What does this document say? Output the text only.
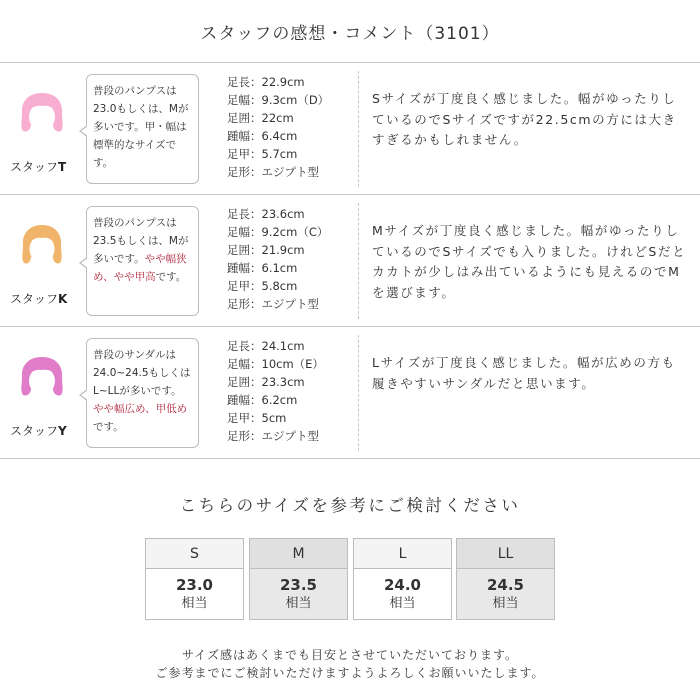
スタッフの感想・コメント（3101）
スタッフT
普段のパンプスは
23.0もしくは、Mが
多いです。甲・幅は
標準的なサイズです。
足長：22.9cm
足幅：9.3cm（D）
足囲：22cm
踵幅：6.4cm
足甲：5.7cm
足形：エジプト型
Sサイズが丁度良く感じました。幅がゆったりしているのでSサイズですが22.5cmの方には大きすぎるかもしれません。
スタッフK
普段のパンプスは
23.5もしくは、Mが
多いです。やや幅狭
め、やや甲高です。
足長：23.6cm
足幅：9.2cm（C）
足囲：21.9cm
踵幅：6.1cm
足甲：5.8cm
足形：エジプト型
Mサイズが丁度良く感じました。幅がゆったりしているのでSサイズでも入りました。けれどSだとカカトが少しはみ出ているようにも見えるのでMを選びます。
スタッフY
普段のサンダルは
24.0~24.5もしくは
L~LLが多いです。
やや幅広め、甲低め
です。
足長：24.1cm
足幅：10cm（E）
足囲：23.3cm
踵幅：6.2cm
足甲：5cm
足形：エジプト型
Lサイズが丁度良く感じました。幅が広めの方も履きやすいサンダルだと思います。
こちらのサイズを参考にご検討ください
S
23.0
相当
M
23.5
相当
L
24.0
相当
LL
24.5
相当
サイズ感はあくまでも目安とさせていただいております。
ご参考までにご検討いただけますようよろしくお願いいたします。
